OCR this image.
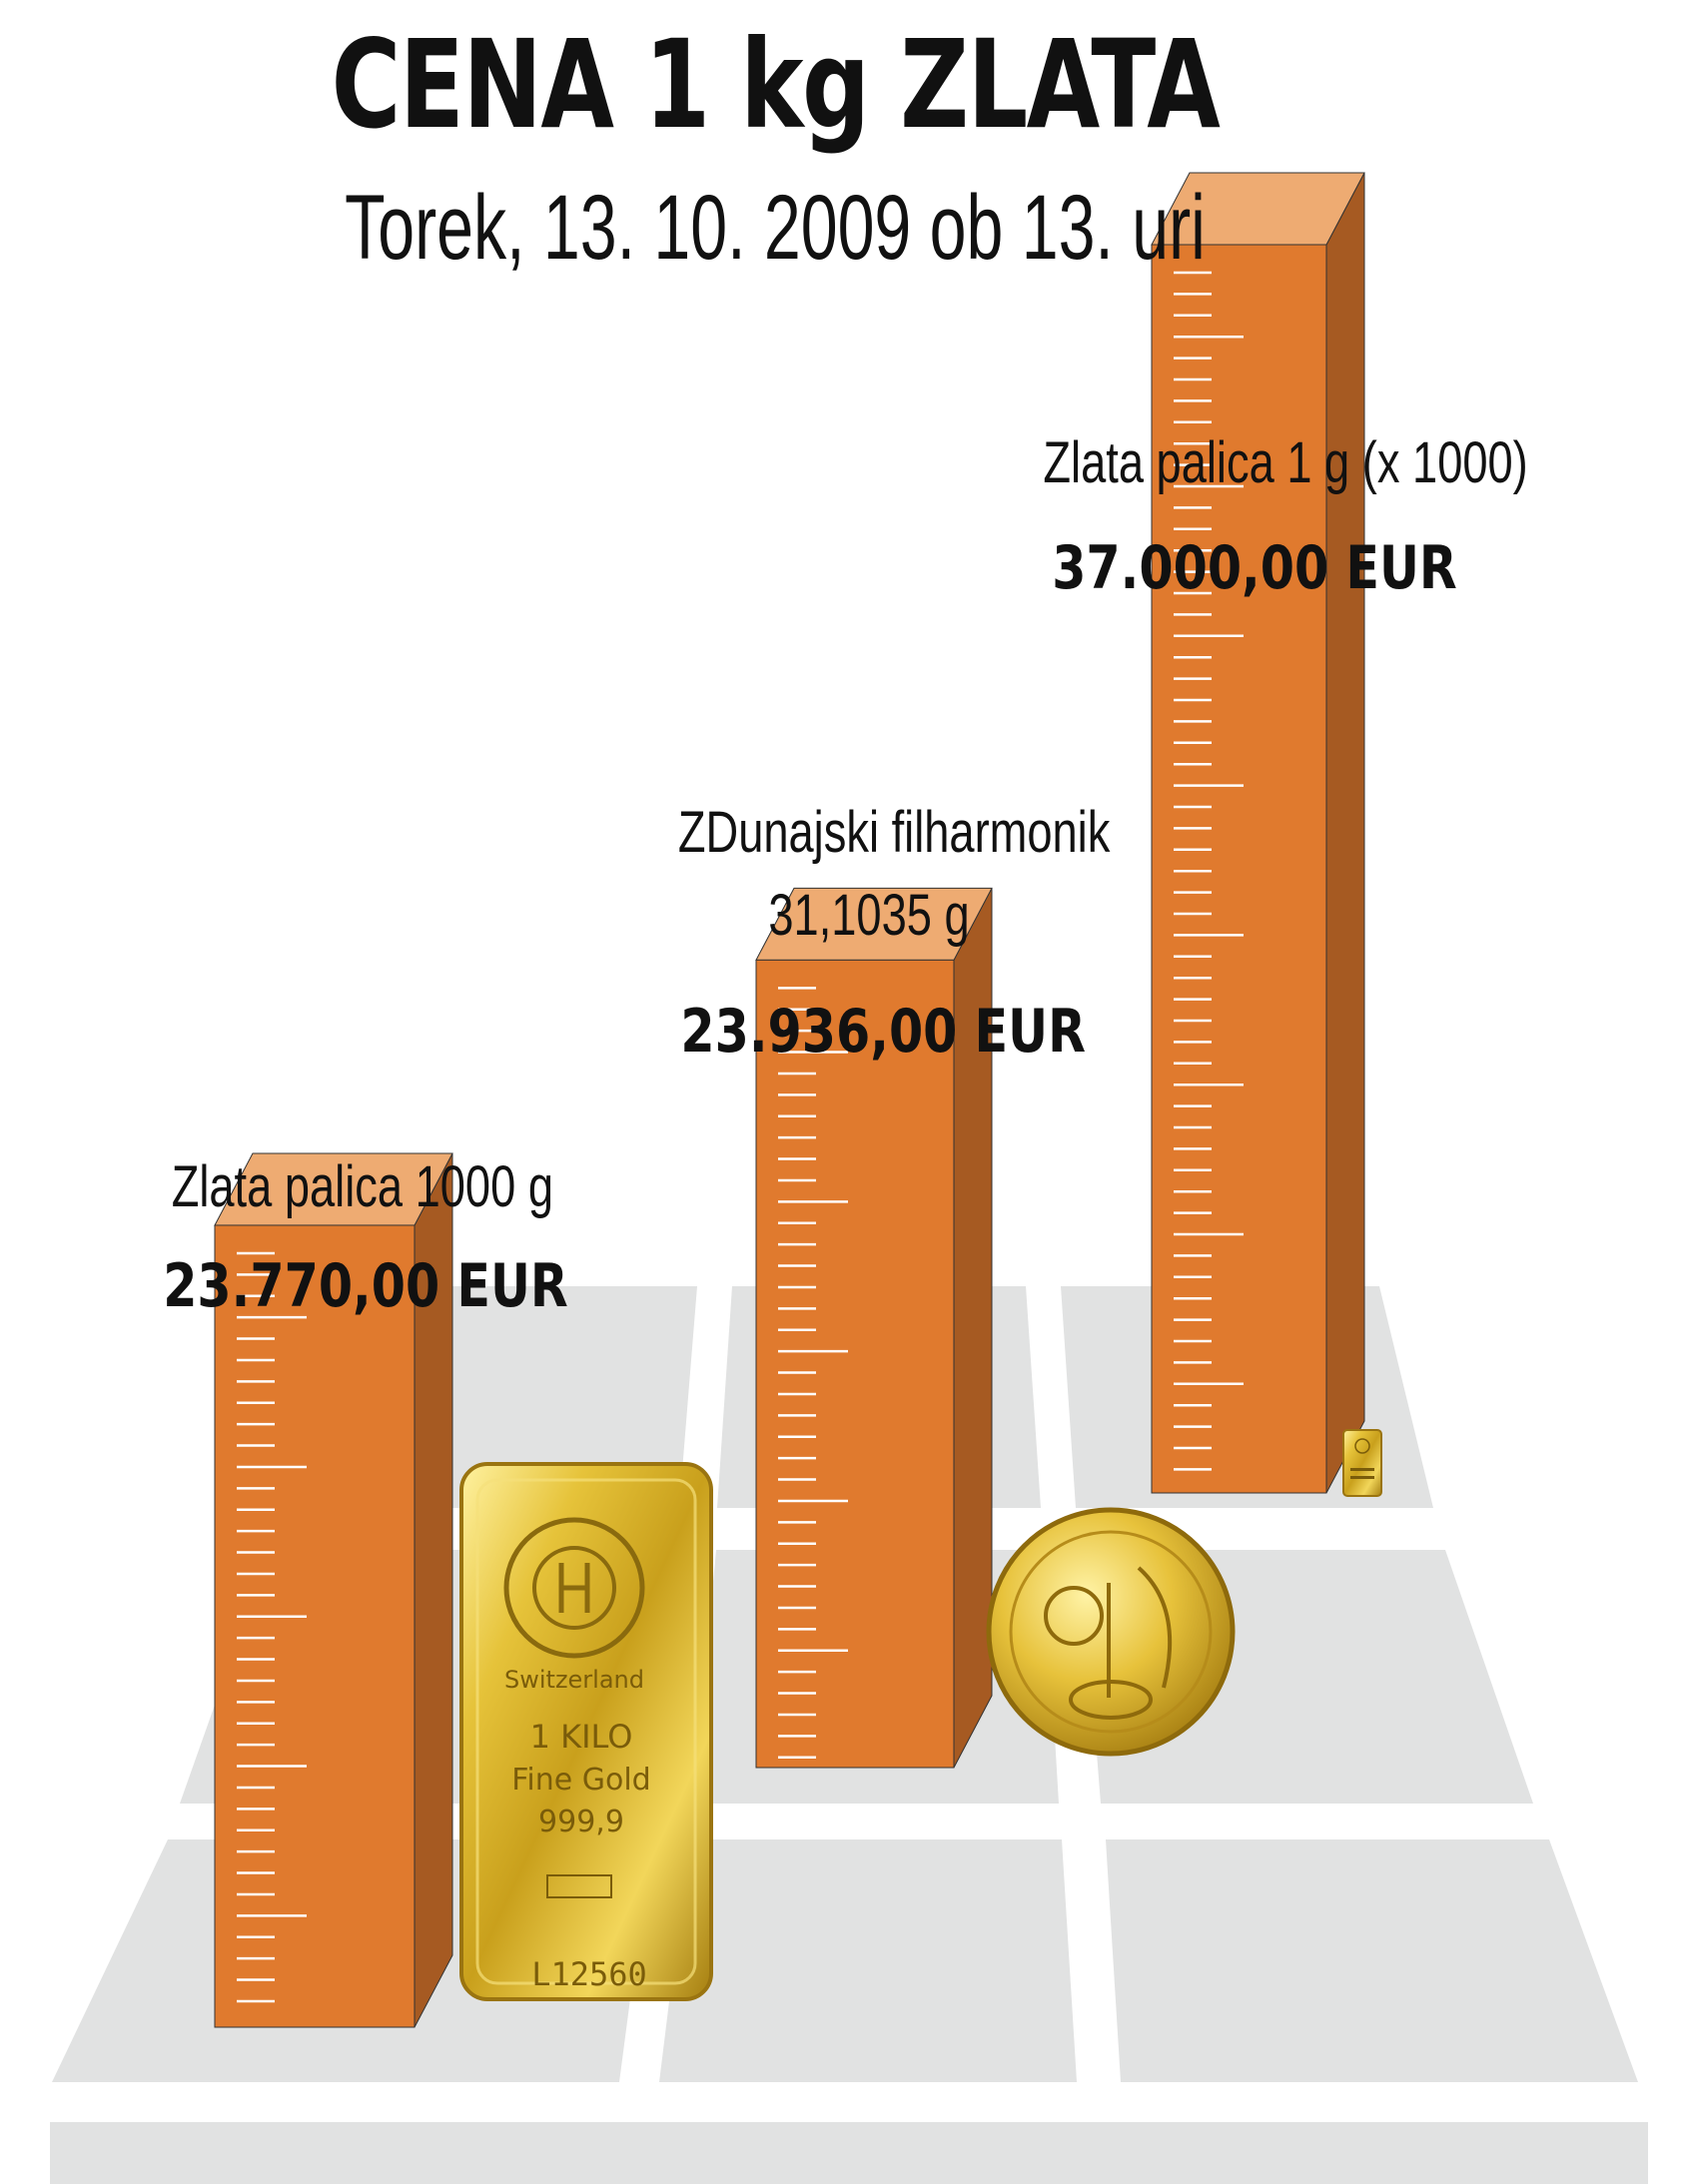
Switzerland
1 KILO
Fine Gold
999,9
L12560
CENA 1 kg ZLATA
Torek, 13. 10. 2009 ob 13. uri
Zlata palica 1000 g
23.770,00 EUR
ZDunajski filharmonik
31,1035 g
23.936,00 EUR
Zlata palica 1 g (x 1000)
37.000,00 EUR
